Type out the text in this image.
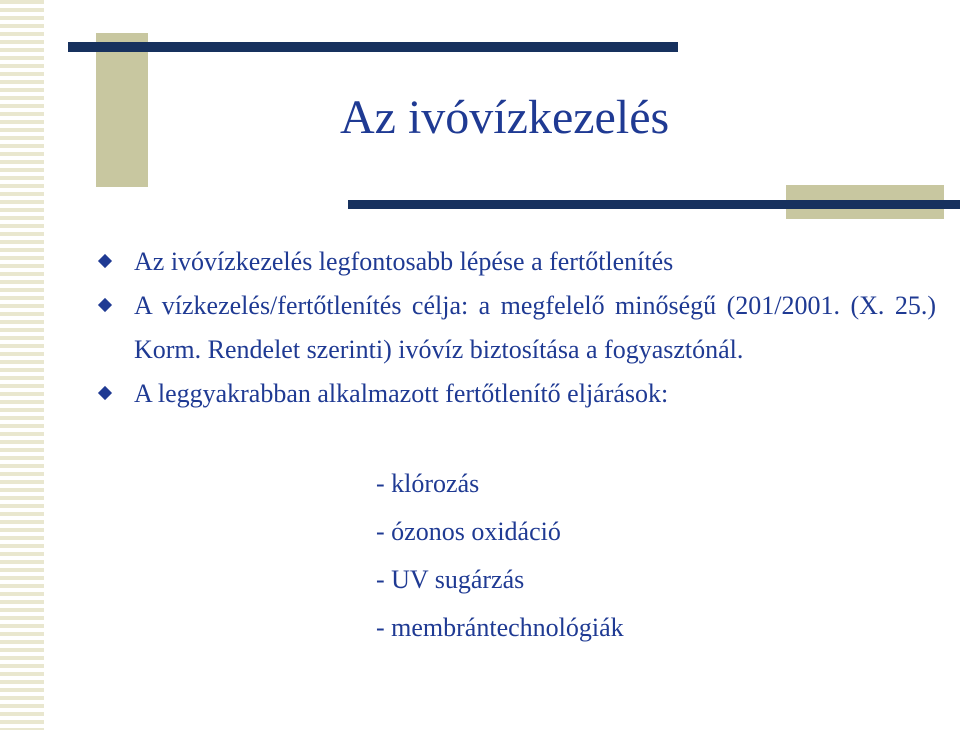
Az ivóvízkezelés
Az ivóvízkezelés legfontosabb lépése a fertőtlenítés
A vízkezelés/fertőtlenítés célja: a megfelelő minőségű (201/2001. (X. 25.) Korm. Rendelet szerinti) ivóvíz biztosítása a fogyasztónál.
A leggyakrabban alkalmazott fertőtlenítő eljárások:
- klórozás
- ózonos oxidáció
- UV sugárzás
- membrántechnológiák
